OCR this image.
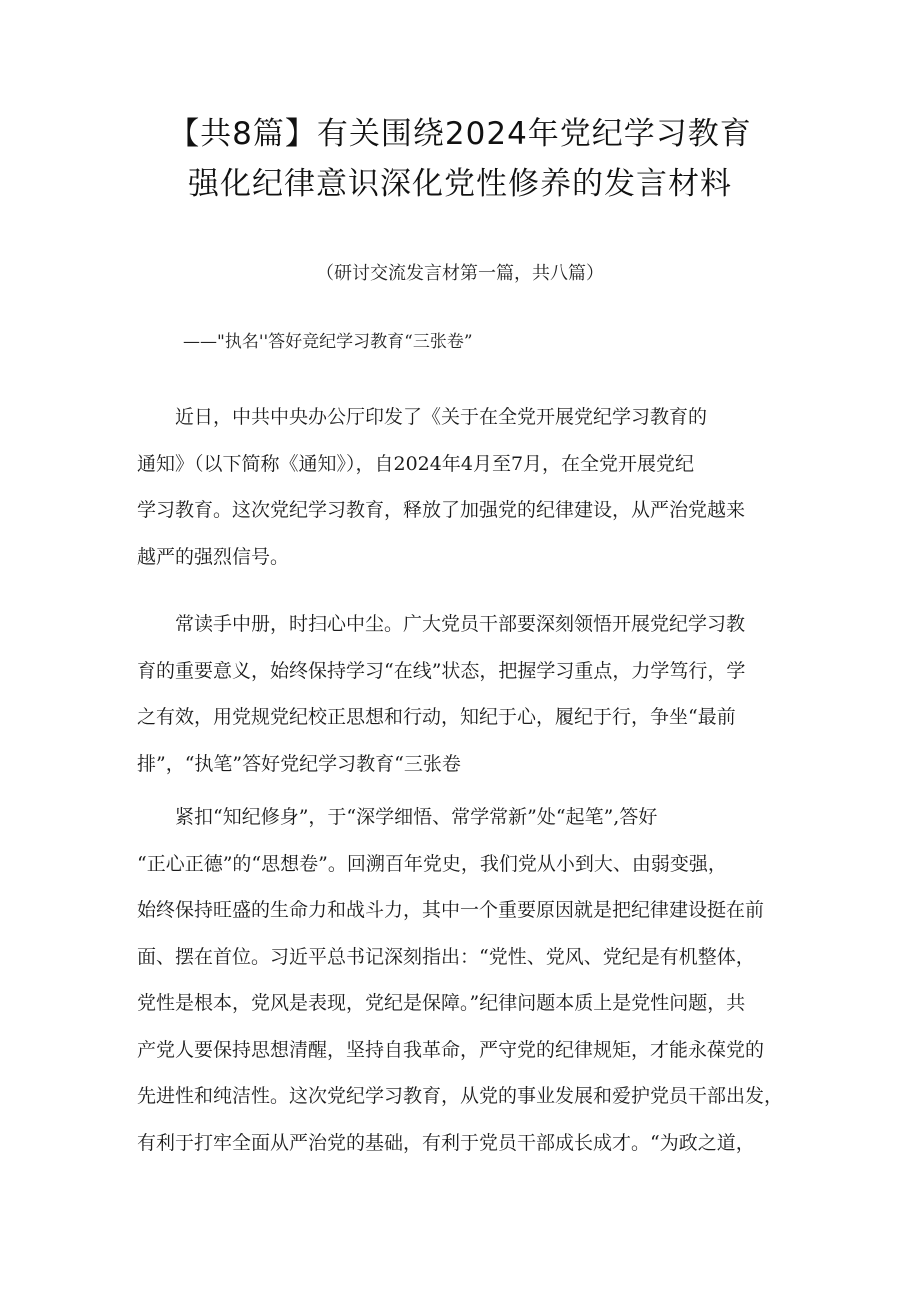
【共8篇】有关围绕2024年党纪学习教育
强化纪律意识深化党性修养的发言材料
（研讨交流发言材第一篇，共八篇）
——"执名''答好竞纪学习教育“三张卷”
近日，中共中央办公厅印发了《关于在全党开展党纪学习教育的
通知》（以下简称《通知》），自2024年4月至7月，在全党开展党纪
学习教育。这次党纪学习教育，释放了加强党的纪律建设，从严治党越来
越严的强烈信号。
常读手中册，时扫心中尘。广大党员干部要深刻领悟开展党纪学习教
育的重要意义，始终保持学习“在线”状态，把握学习重点，力学笃行，学
之有效，用党规党纪校正思想和行动，知纪于心，履纪于行，争坐“最前
排”，“执笔”答好党纪学习教育“三张卷
紧扣“知纪修身”，于“深学细悟、常学常新”处“起笔”,答好
“正心正德”的“思想卷”。回溯百年党史，我们党从小到大、由弱变强，
始终保持旺盛的生命力和战斗力，其中一个重要原因就是把纪律建设挺在前
面、摆在首位。习近平总书记深刻指出：“党性、党风、党纪是有机整体，
党性是根本，党风是表现，党纪是保障。”纪律问题本质上是党性问题，共
产党人要保持思想清醒，坚持自我革命，严守党的纪律规矩，才能永葆党的
先进性和纯洁性。这次党纪学习教育，从党的事业发展和爱护党员干部出发，
有利于打牢全面从严治党的基础，有利于党员干部成长成才。“为政之道，
